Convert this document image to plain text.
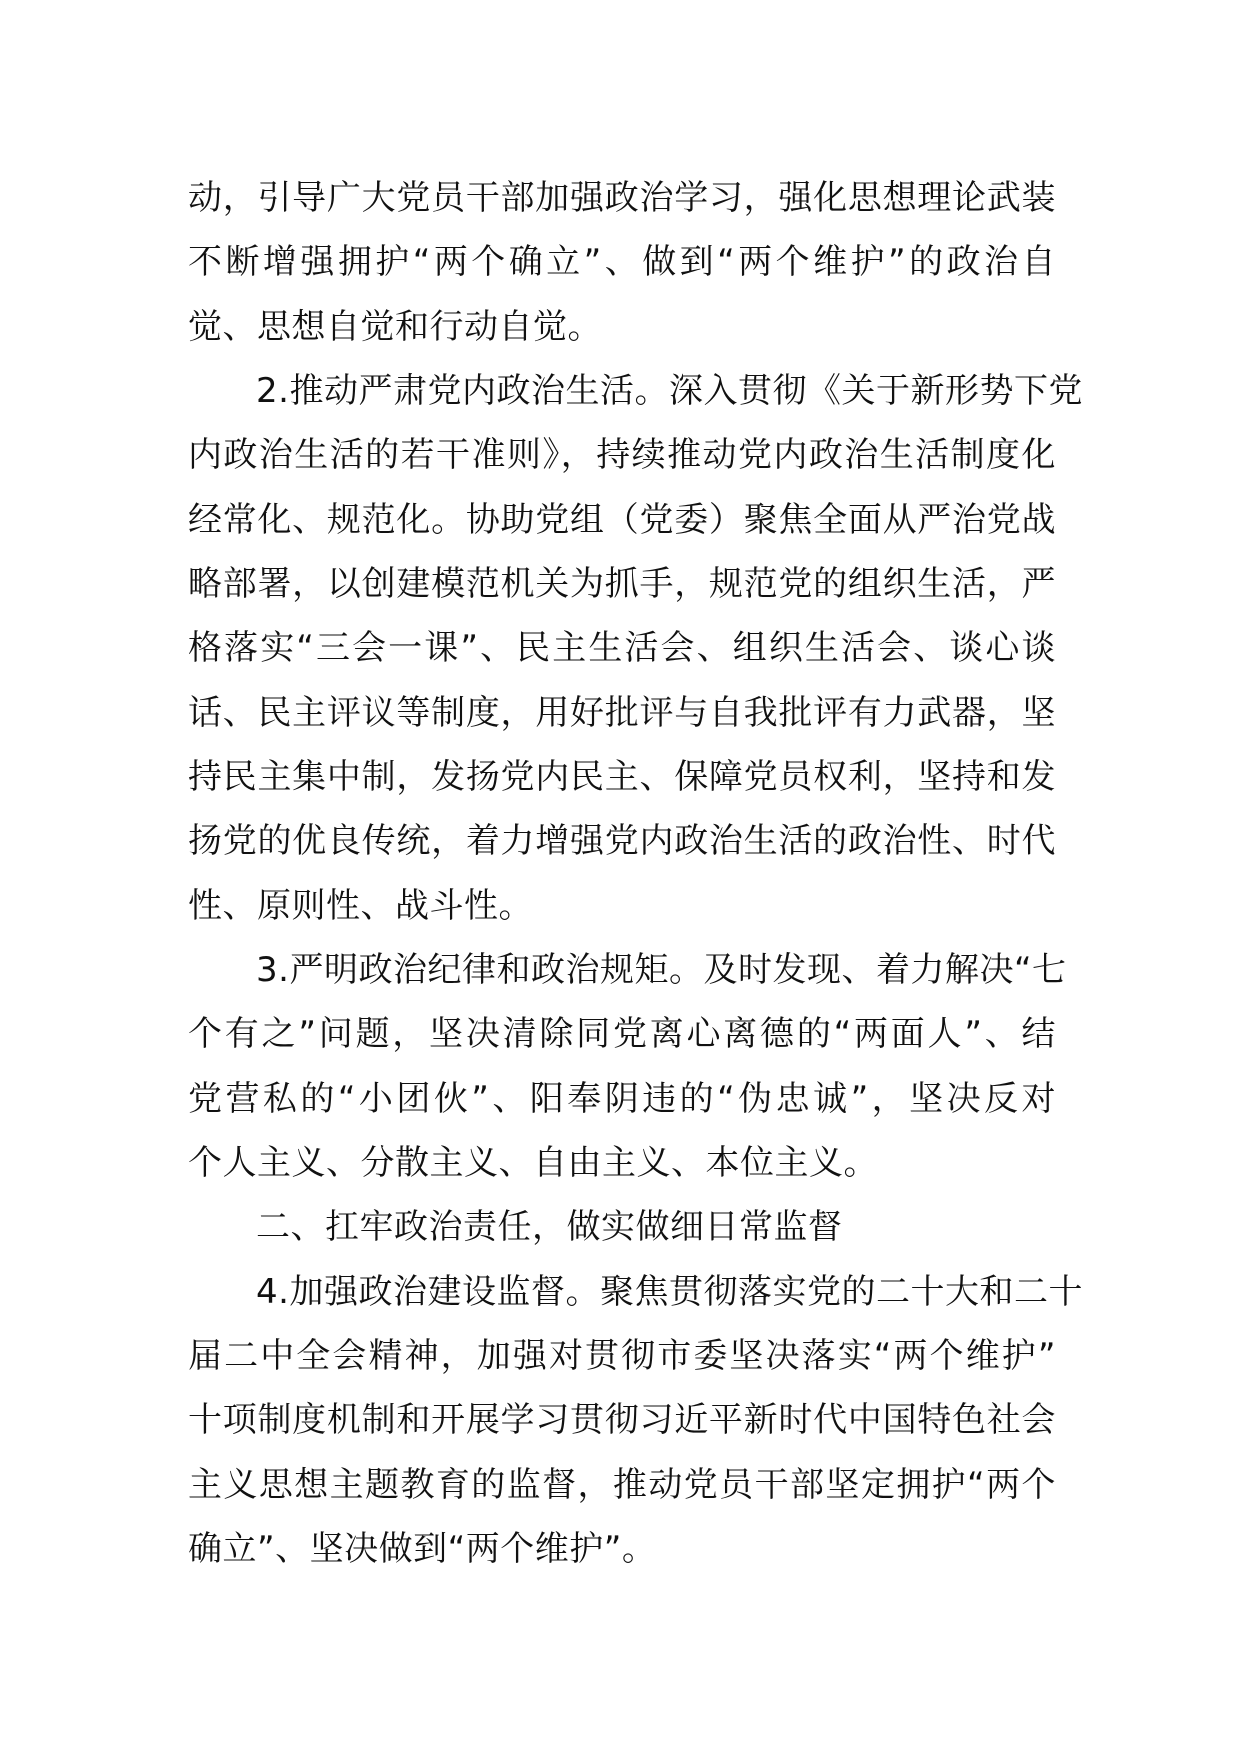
动，引导广大党员干部加强政治学习，强化思想理论武装
不断增强拥护“两个确立”、做到“两个维护”的政治自
觉、思想自觉和行动自觉。
2.推动严肃党内政治生活。深入贯彻《关于新形势下党
内政治生活的若干准则》，持续推动党内政治生活制度化
经常化、规范化。协助党组（党委）聚焦全面从严治党战
略部署，以创建模范机关为抓手，规范党的组织生活，严
格落实“三会一课”、民主生活会、组织生活会、谈心谈
话、民主评议等制度，用好批评与自我批评有力武器，坚
持民主集中制，发扬党内民主、保障党员权利，坚持和发
扬党的优良传统，着力增强党内政治生活的政治性、时代
性、原则性、战斗性。
3.严明政治纪律和政治规矩。及时发现、着力解决“七
个有之”问题，坚决清除同党离心离德的“两面人”、结
党营私的“小团伙”、阳奉阴违的“伪忠诚”，坚决反对
个人主义、分散主义、自由主义、本位主义。
二、扛牢政治责任，做实做细日常监督
4.加强政治建设监督。聚焦贯彻落实党的二十大和二十
届二中全会精神，加强对贯彻市委坚决落实“两个维护”
十项制度机制和开展学习贯彻习近平新时代中国特色社会
主义思想主题教育的监督，推动党员干部坚定拥护“两个
确立”、坚决做到“两个维护”。
